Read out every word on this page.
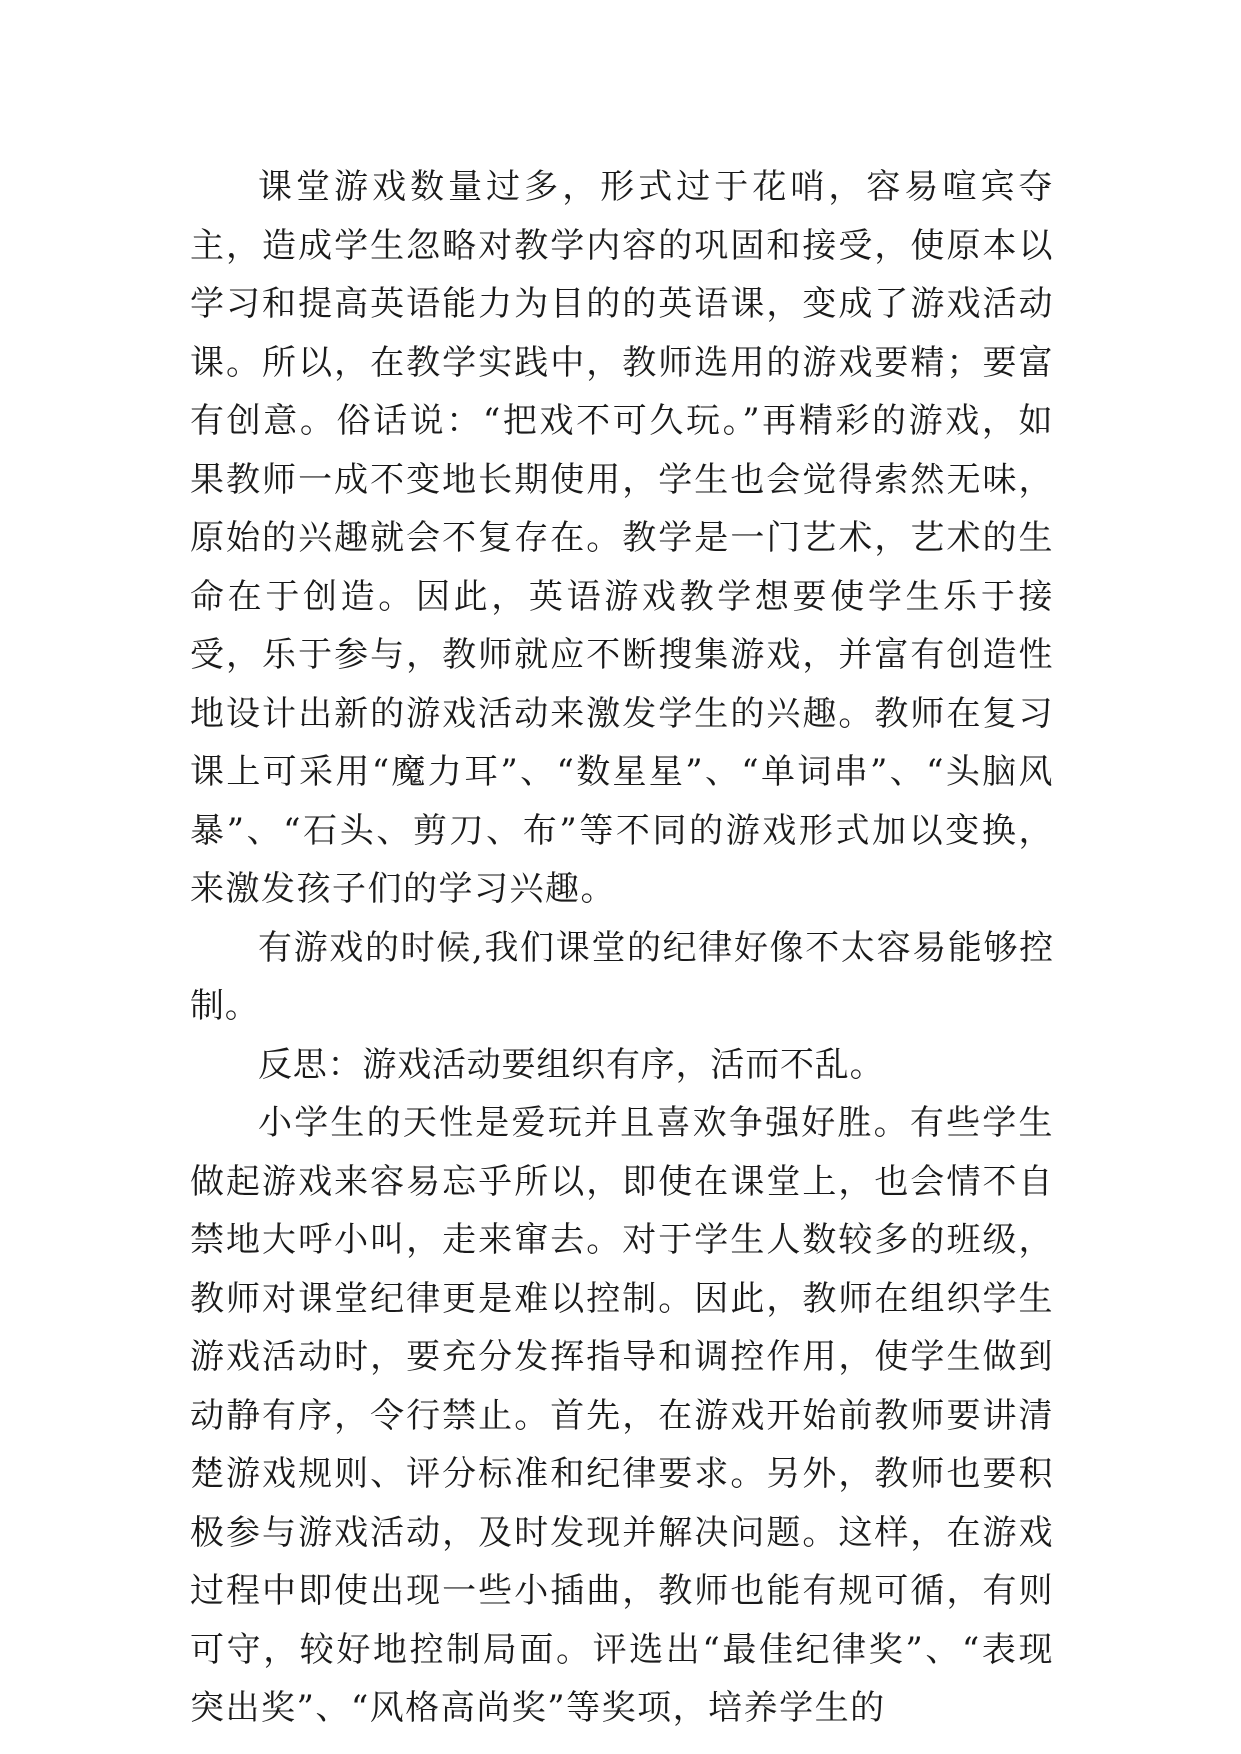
课堂游戏数量过多，形式过于花哨，容易喧宾夺主，造成学生忽略对教学内容的巩固和接受，使原本以学习和提高英语能力为目的的英语课，变成了游戏活动课。所以，在教学实践中，教师选用的游戏要精；要富有创意。俗话说：“把戏不可久玩。”再精彩的游戏，如果教师一成不变地长期使用，学生也会觉得索然无味，原始的兴趣就会不复存在。教学是一门艺术，艺术的生命在于创造。因此，英语游戏教学想要使学生乐于接受，乐于参与，教师就应不断搜集游戏，并富有创造性地设计出新的游戏活动来激发学生的兴趣。教师在复习课上可采用“魔力耳”、“数星星”、“单词串”、“头脑风暴”、“石头、剪刀、布”等不同的游戏形式加以变换，来激发孩子们的学习兴趣。

有游戏的时候,我们课堂的纪律好像不太容易能够控制。

反思：游戏活动要组织有序，活而不乱。

小学生的天性是爱玩并且喜欢争强好胜。有些学生做起游戏来容易忘乎所以，即使在课堂上，也会情不自禁地大呼小叫，走来窜去。对于学生人数较多的班级，教师对课堂纪律更是难以控制。因此，教师在组织学生游戏活动时，要充分发挥指导和调控作用，使学生做到动静有序，令行禁止。首先，在游戏开始前教师要讲清楚游戏规则、评分标准和纪律要求。另外，教师也要积极参与游戏活动，及时发现并解决问题。这样，在游戏过程中即使出现一些小插曲，教师也能有规可循，有则可守，较好地控制局面。评选出“最佳纪律奖”、“表现突出奖”、“风格高尚奖”等奖项，培养学生的
